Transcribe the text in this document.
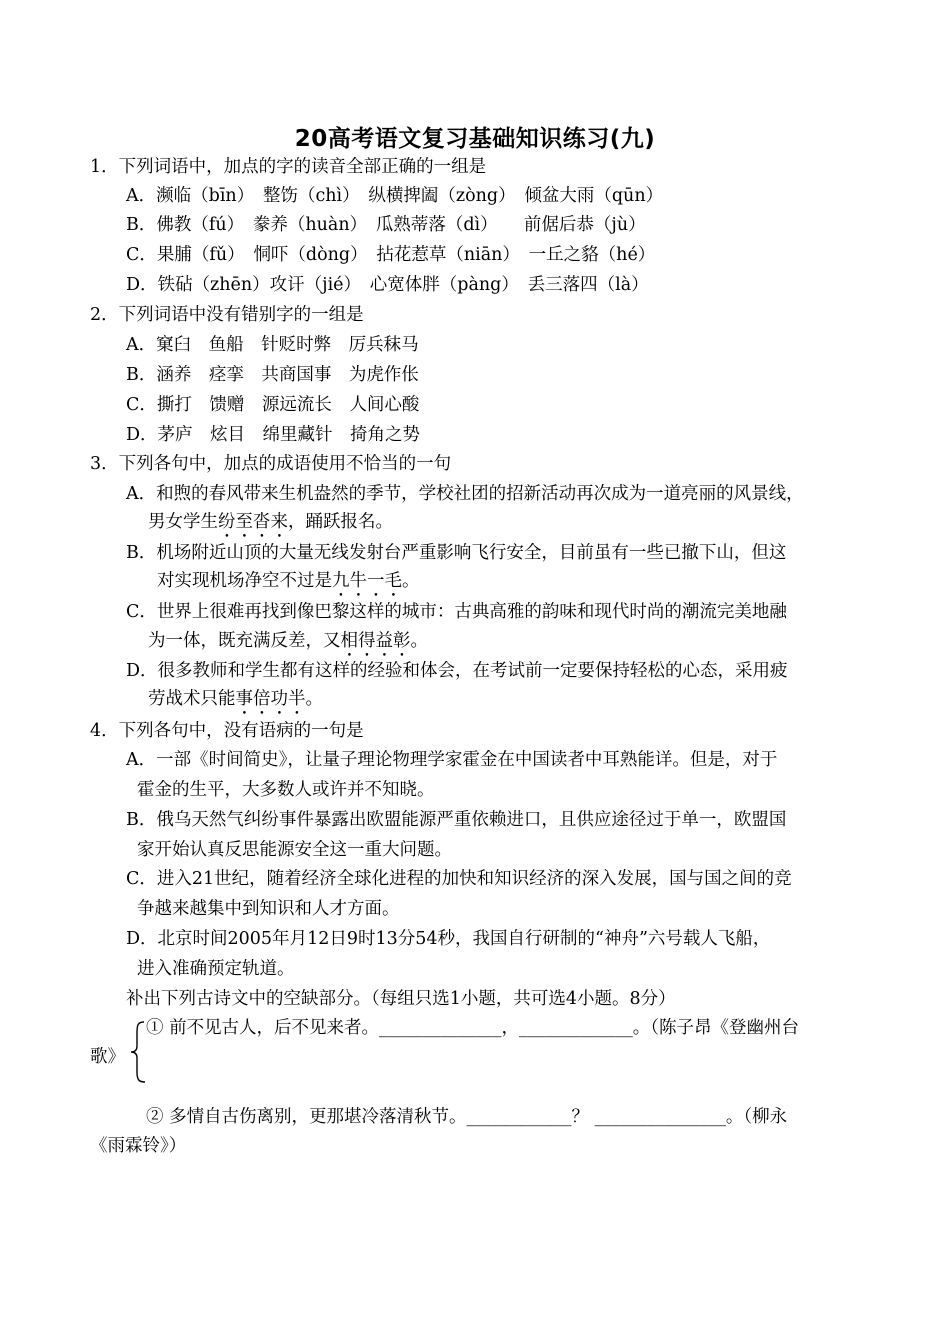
20高考语文复习基础知识练习(九)
1．下列词语中，加点的字的读音全部正确的一组是
A．濒临（bīn）　整饬（chì）　纵横捭阖（zòng）　倾盆大雨（qūn）
B．佛教（fú）　豢养（huàn）　瓜熟蒂落（dì）　　前倨后恭（jù）
C．果脯（fǔ）　恫吓（dòng）　拈花惹草（niān）　一丘之貉（hé）
D．铁砧（zhēn）攻讦（jié）　心宽体胖（pàng）　丢三落四（là）
2．下列词语中没有错别字的一组是
A．窠臼　鱼船　针贬时弊　厉兵秣马
B．涵养　痉挛　共商国事　为虎作伥
C．撕打　馈赠　源远流长　人间心酸
D．茅庐　炫目　绵里藏针　掎角之势
3．下列各句中，加点的成语使用不恰当的一句
A．和煦的春风带来生机盎然的季节，学校社团的招新活动再次成为一道亮丽的风景线，
男女学生纷至沓来，踊跃报名。
B．机场附近山顶的大量无线发射台严重影响飞行安全，目前虽有一些已撤下山，但这
对实现机场净空不过是九牛一毛。
C．世界上很难再找到像巴黎这样的城市：古典高雅的韵味和现代时尚的潮流完美地融
为一体，既充满反差，又相得益彰。
D．很多教师和学生都有这样的经验和体会，在考试前一定要保持轻松的心态，采用疲
劳战术只能事倍功半。
4．下列各句中，没有语病的一句是
A．一部《时间简史》，让量子理论物理学家霍金在中国读者中耳熟能详。但是，对于
霍金的生平，大多数人或许并不知晓。
B．俄乌天然气纠纷事件暴露出欧盟能源严重依赖进口，且供应途径过于单一，欧盟国
家开始认真反思能源安全这一重大问题。
C．进入21世纪，随着经济全球化进程的加快和知识经济的深入发展，国与国之间的竞
争越来越集中到知识和人才方面。
D．北京时间2005年月12日9时13分54秒，我国自行研制的“神舟”六号载人飞船，
进入准确预定轨道。
补出下列古诗文中的空缺部分。（每组只选1小题，共可选4小题。8分）
① 前不见古人，后不见来者。______________，_____________。（陈子昂《登幽州台
歌》
② 多情自古伤离别，更那堪冷落清秋节。____________？ _______________。（柳永
《雨霖铃》）
